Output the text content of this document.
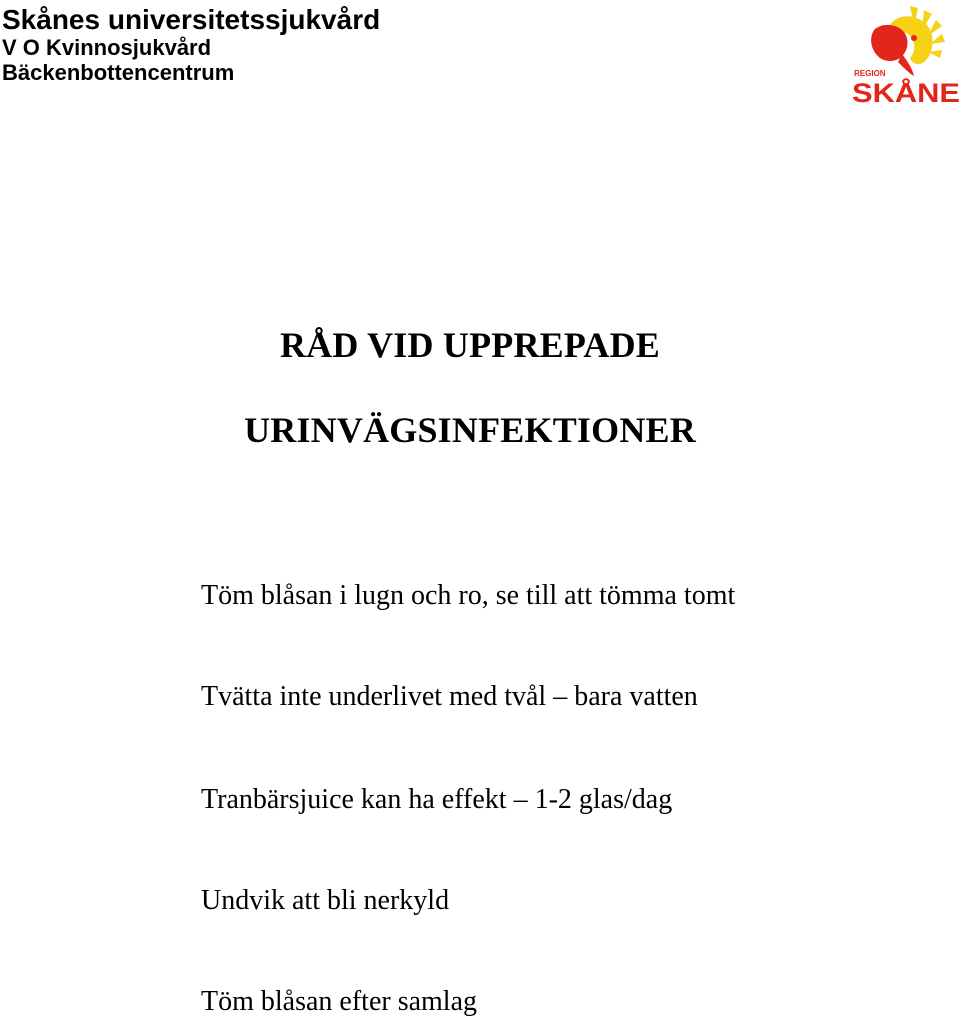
Skånes universitetssjukvård
V O Kvinnosjukvård
Bäckenbottencentrum	REGION
SKÅNE
RÅD VID UPPREPADE
URINVÄGSINFEKTIONER
Töm blåsan i lugn och ro, se till att tömma tomt
Tvätta inte underlivet med tvål – bara vatten
Tranbärsjuice kan ha effekt – 1-2 glas/dag
Undvik att bli nerkyld
Töm blåsan efter samlag
